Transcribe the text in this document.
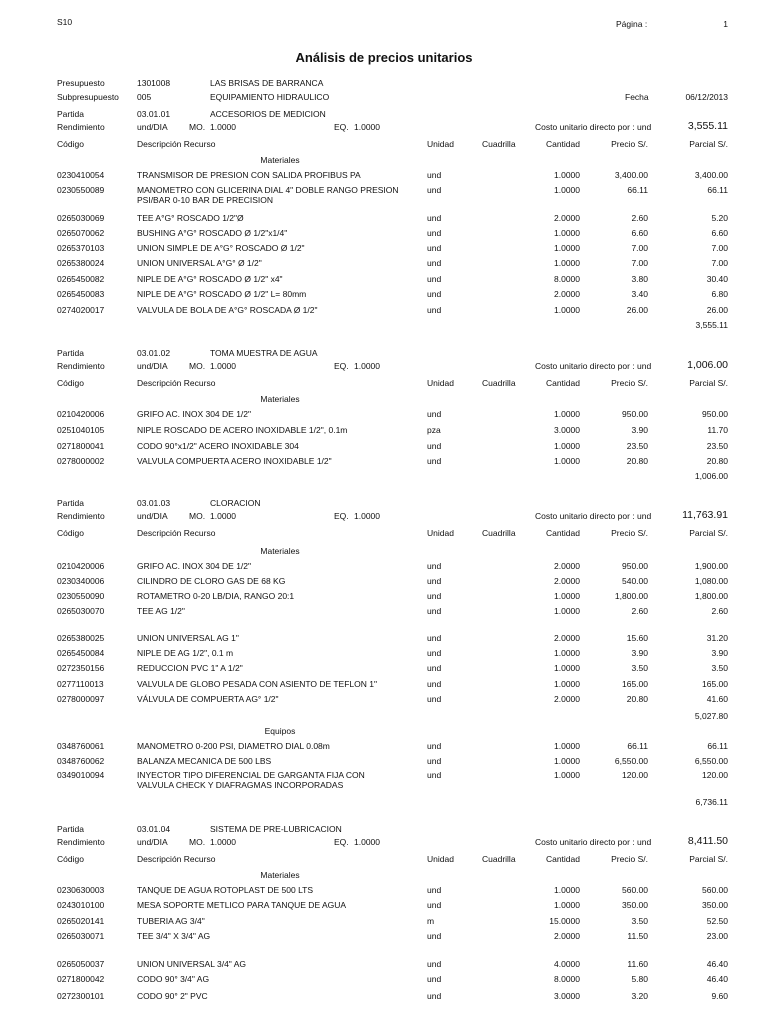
S10	Página :	1
Análisis de precios unitarios
Presupuesto	1301008	LAS BRISAS DE BARRANCA
Subpresupuesto 005	EQUIPAMIENTO HIDRAULICO	Fecha	06/12/2013
Partida	03.01.01	ACCESORIOS DE MEDICION
Rendimiento	und/DIA	MO. 1.0000	EQ. 1.0000	Costo unitario directo por : und	3,555.11
Código	Descripción Recurso	Unidad	Cuadrilla	Cantidad	Precio S/.	Parcial S/.
Materiales
0230410054	TRANSMISOR DE PRESION CON SALIDA PROFIBUS PA	und	1.0000	3,400.00	3,400.00
0230550089	MANOMETRO CON GLICERINA DIAL 4" DOBLE RANGO PRESION PSI/BAR 0-10 BAR DE PRECISION
und	1.0000	66.11	66.11
0265030069	TEE A°G° ROSCADO 1/2"Ø	und	2.0000	2.60	5.20
0265070062	BUSHING A°G° ROSCADO Ø 1/2"x1/4"	und	1.0000	6.60	6.60
0265370103	UNION SIMPLE DE A°G° ROSCADO Ø 1/2"	und	1.0000	7.00	7.00
0265380024	UNION UNIVERSAL A°G° Ø 1/2"	und	1.0000	7.00	7.00
0265450082	NIPLE DE A°G° ROSCADO Ø 1/2" x4"	und	8.0000	3.80	30.40
0265450083	NIPLE DE A°G° ROSCADO Ø 1/2" L= 80mm	und	2.0000	3.40	6.80
0274020017	VALVULA DE BOLA DE A°G° ROSCADA Ø 1/2"	und	1.0000	26.00	26.00
3,555.11
Partida	03.01.02	TOMA MUESTRA DE AGUA
Rendimiento	und/DIA	MO. 1.0000	EQ. 1.0000	Costo unitario directo por : und	1,006.00
Código	Descripción Recurso	Unidad	Cuadrilla	Cantidad	Precio S/.	Parcial S/.
Materiales
0210420006	GRIFO AC. INOX 304 DE 1/2"	und	1.0000	950.00	950.00
0251040105	NIPLE ROSCADO DE ACERO INOXIDABLE 1/2", 0.1m	pza	3.0000	3.90	11.70
0271800041	CODO 90°x1/2" ACERO INOXIDABLE 304	und	1.0000	23.50	23.50
0278000002	VALVULA COMPUERTA ACERO INOXIDABLE 1/2"	und	1.0000	20.80	20.80
1,006.00
Partida	03.01.03	CLORACION
Rendimiento	und/DIA	MO. 1.0000	EQ. 1.0000	Costo unitario directo por : und	11,763.91
Código	Descripción Recurso	Unidad	Cuadrilla	Cantidad	Precio S/.	Parcial S/.
Materiales
0210420006	GRIFO AC. INOX 304 DE 1/2"	und	2.0000	950.00	1,900.00
0230340006	CILINDRO DE CLORO GAS DE 68 KG	und	2.0000	540.00	1,080.00
0230550090	ROTAMETRO 0-20 LB/DIA, RANGO 20:1	und	1.0000	1,800.00	1,800.00
0265030070	TEE AG 1/2"	und	1.0000	2.60	2.60
0265380025	UNION UNIVERSAL AG 1"	und	2.0000	15.60	31.20
0265450084	NIPLE DE AG 1/2", 0.1 m	und	1.0000	3.90	3.90
0272350156	REDUCCION PVC 1" A 1/2"	und	1.0000	3.50	3.50
0277110013	VALVULA DE GLOBO PESADA CON ASIENTO DE TEFLON 1"	und	1.0000	165.00	165.00
0278000097	VÁLVULA DE COMPUERTA AG° 1/2"	und	2.0000	20.80	41.60
5,027.80
Equipos
0348760061	MANOMETRO 0-200 PSI, DIAMETRO DIAL 0.08m	und	1.0000	66.11	66.11
0348760062	BALANZA MECANICA DE 500 LBS	und	1.0000	6,550.00	6,550.00
0349010094	INYECTOR TIPO DIFERENCIAL DE GARGANTA FIJA CON VALVULA CHECK Y DIAFRAGMAS INCORPORADAS
und	1.0000	120.00	120.00
6,736.11
Partida	03.01.04	SISTEMA DE PRE-LUBRICACION
Rendimiento	und/DIA	MO. 1.0000	EQ. 1.0000	Costo unitario directo por : und	8,411.50
Código	Descripción Recurso	Unidad	Cuadrilla	Cantidad	Precio S/.	Parcial S/.
Materiales
0230630003	TANQUE DE AGUA ROTOPLAST DE 500 LTS	und	1.0000	560.00	560.00
0243010100	MESA SOPORTE METLICO PARA TANQUE DE AGUA	und	1.0000	350.00	350.00
0265020141	TUBERIA AG 3/4"	m	15.0000	3.50	52.50
0265030071	TEE 3/4" X 3/4" AG	und	2.0000	11.50	23.00
0265050037	UNION UNIVERSAL 3/4" AG	und	4.0000	11.60	46.40
0271800042	CODO 90° 3/4" AG	und	8.0000	5.80	46.40
0272300101	CODO 90° 2" PVC	und	3.0000	3.20	9.60
